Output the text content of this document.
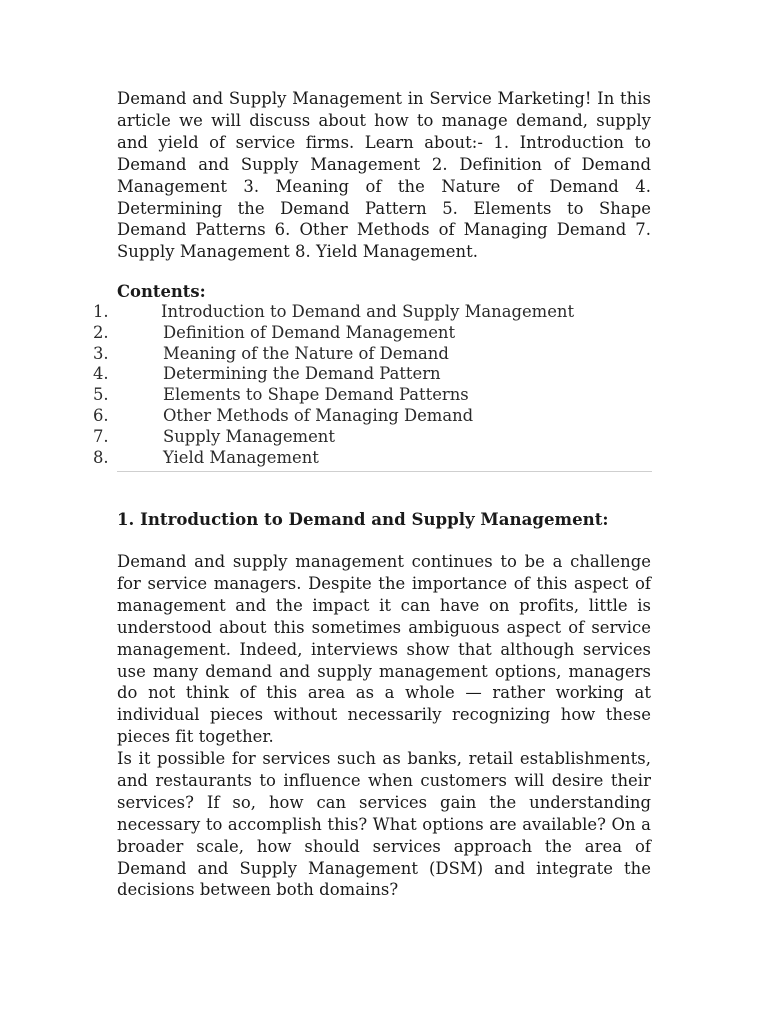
Demand and Supply Management in Service Marketing! In this article we will discuss about how to manage demand, supply and yield of service firms. Learn about:- 1. Introduction to Demand and Supply Management 2. Definition of Demand Management 3. Meaning of the Nature of Demand 4. Determining the Demand Pattern 5. Elements to Shape Demand Patterns 6. Other Methods of Managing Demand 7. Supply Management 8. Yield Management.

Contents:

1.	Introduction to Demand and Supply Management
2.	Definition of Demand Management
3.	Meaning of the Nature of Demand
4.	Determining the Demand Pattern
5.	Elements to Shape Demand Patterns
6.	Other Methods of Managing Demand
7.	Supply Management
8.	Yield Management
1. Introduction to Demand and Supply Management:

Demand and supply management continues to be a challenge for service managers. Despite the importance of this aspect of management and the impact it can have on profits, little is understood about this sometimes ambiguous aspect of service management. Indeed, interviews show that although services use many demand and supply management options, managers do not think of this area as a whole — rather working at individual pieces without necessarily recognizing how these pieces fit together.

Is it possible for services such as banks, retail establishments, and restaurants to influence when customers will desire their services? If so, how can services gain the understanding necessary to accomplish this? What options are available? On a broader scale, how should services approach the area of Demand and Supply Management (DSM) and integrate the decisions between both domains?
